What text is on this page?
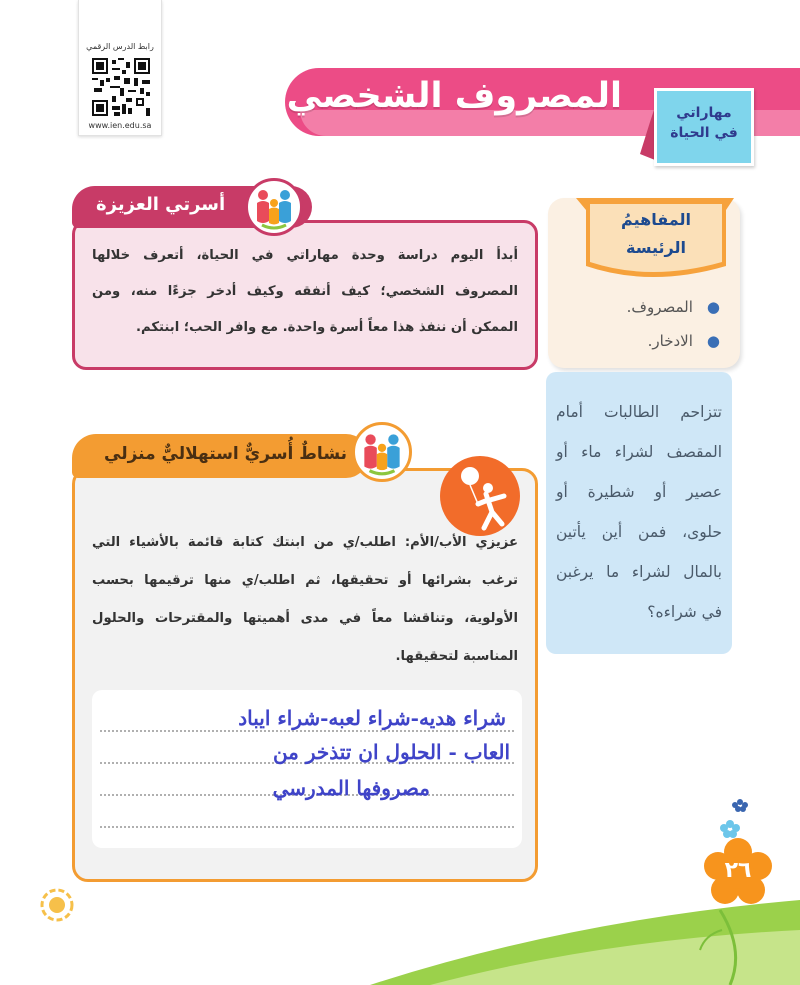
رابط الدرس الرقمي
www.ien.edu.sa
المصروف الشخصي	مهاراتي
في الحياة
أسرتي العزيزة
أبدأ اليوم دراسة وحدة مهاراتي في الحياة، أتعرف خلالها المصروف الشخصي؛ كيف أنفقه وكيف أدخر جزءًا منه، ومن الممكن أن ننفذ هذا معاً أسرة واحدة. مع وافر الحب؛ ابنتكم.
المفاهيمُ
الرئيسة
●المصروف.
●الادخار.
تتزاحم الطالبات أمام المقصف لشراء ماء أو عصير أو شطيرة أو حلوى، فمن أين يأتين بالمال لشراء ما يرغبن في شراءه؟
نشاطٌ أُسريٌّ استهلاليٌّ منزلي
عزيزي الأب/الأم: اطلب/ي من ابنتك كتابة قائمة بالأشياء التي ترغب بشرائها أو تحقيقها، ثم اطلب/ي منها ترقيمها بحسب الأولوية، وتناقشا معاً في مدى أهميتها والمقترحات والحلول المناسبة لتحقيقها.
شراء هديه-شراء لعبه-شراء ايباد
العاب - الحلول ان تتذخر من
مصروفها المدرسي
٢٦
